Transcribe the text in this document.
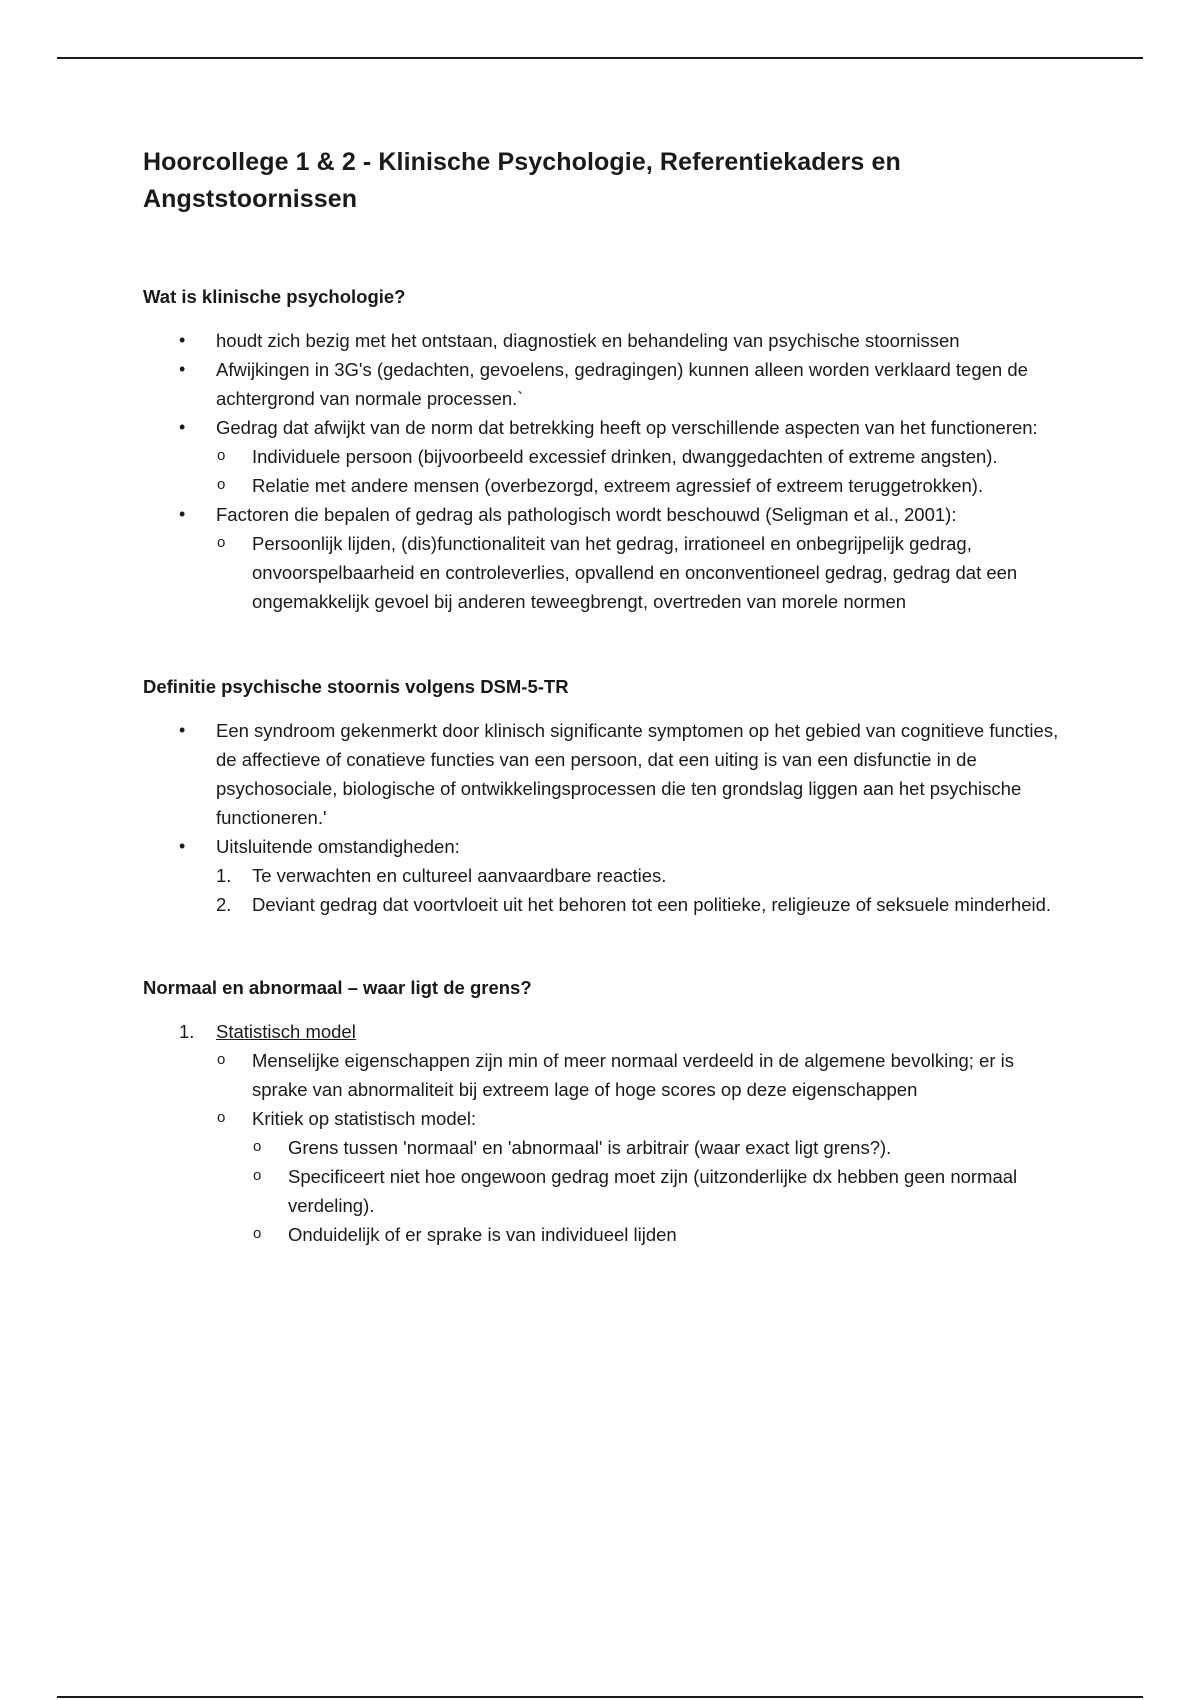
Hoorcollege 1 & 2 - Klinische Psychologie, Referentiekaders en Angststoornissen
Wat is klinische psychologie?
• houdt zich bezig met het ontstaan, diagnostiek en behandeling van psychische stoornissen
• Afwijkingen in 3G's (gedachten, gevoelens, gedragingen) kunnen alleen worden verklaard tegen de achtergrond van normale processen.`
• Gedrag dat afwijkt van de norm dat betrekking heeft op verschillende aspecten van het functioneren:
o Individuele persoon (bijvoorbeeld excessief drinken, dwanggedachten of extreme angsten).
o Relatie met andere mensen (overbezorgd, extreem agressief of extreem teruggetrokken).
• Factoren die bepalen of gedrag als pathologisch wordt beschouwd (Seligman et al., 2001):
o Persoonlijk lijden, (dis)functionaliteit van het gedrag, irrationeel en onbegrijpelijk gedrag, onvoorspelbaarheid en controleverlies, opvallend en onconventioneel gedrag, gedrag dat een ongemakkelijk gevoel bij anderen teweegbrengt, overtreden van morele normen
Definitie psychische stoornis volgens DSM-5-TR
• Een syndroom gekenmerkt door klinisch significante symptomen op het gebied van cognitieve functies, de affectieve of conatieve functies van een persoon, dat een uiting is van een disfunctie in de psychosociale, biologische of ontwikkelingsprocessen die ten grondslag liggen aan het psychische functioneren.'
• Uitsluitende omstandigheden:
1. Te verwachten en cultureel aanvaardbare reacties.
2. Deviant gedrag dat voortvloeit uit het behoren tot een politieke, religieuze of seksuele minderheid.
Normaal en abnormaal – waar ligt de grens?
1. Statistisch model
o Menselijke eigenschappen zijn min of meer normaal verdeeld in de algemene bevolking; er is sprake van abnormaliteit bij extreem lage of hoge scores op deze eigenschappen
o Kritiek op statistisch model:
o Grens tussen 'normaal' en 'abnormaal' is arbitrair (waar exact ligt grens?).
o Specificeert niet hoe ongewoon gedrag moet zijn (uitzonderlijke dx hebben geen normaal verdeling).
o Onduidelijk of er sprake is van individueel lijden
